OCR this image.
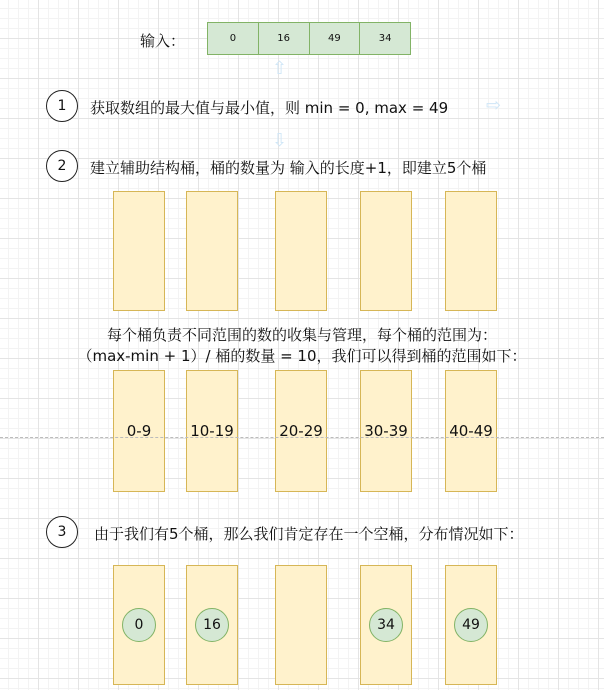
输入：	0	16	49	34
⇧
⇨
⇩
1	获取数组的最大值与最小值，则 min = 0, max = 49
2	建立辅助结构桶，桶的数量为 输入的长度+1，即建立5个桶
0-9	10-19	20-29	30-39	40-49
每个桶负责不同范围的数的收集与管理，每个桶的范围为：
（max-min + 1）/ 桶的数量 = 10，我们可以得到桶的范围如下：
3	由于我们有5个桶，那么我们肯定存在一个空桶，分布情况如下：
0	16	34	49
